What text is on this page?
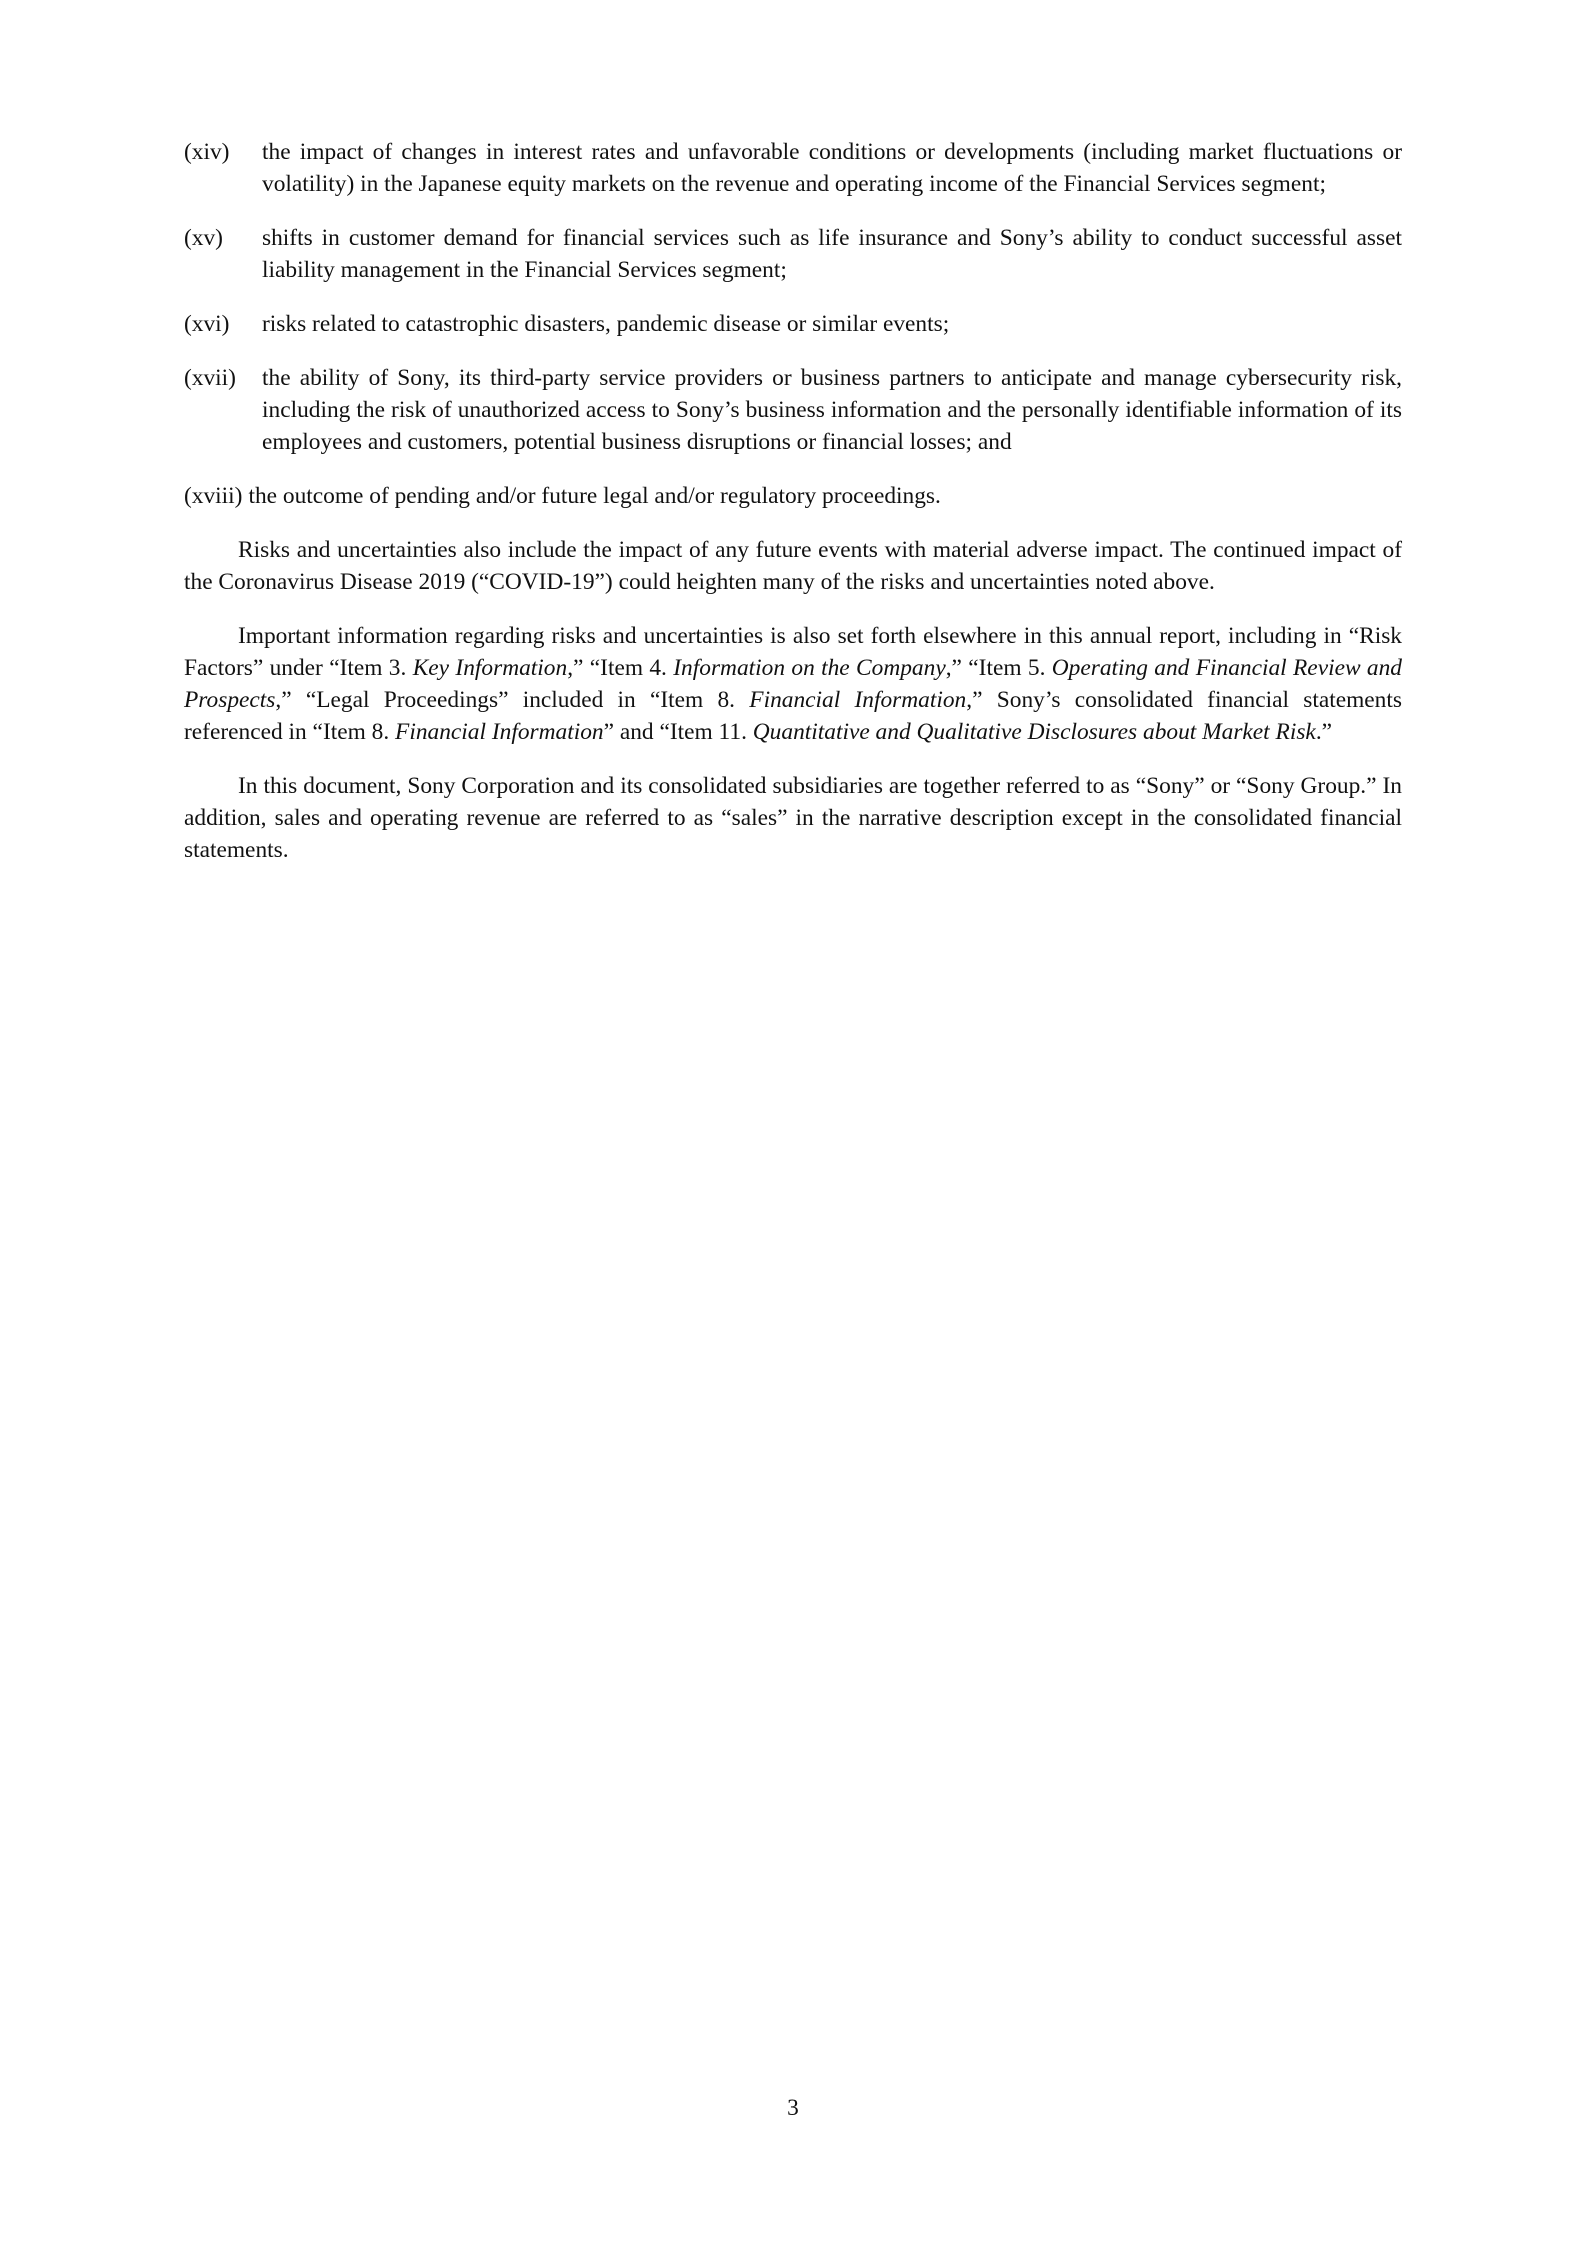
(xiv)	the impact of changes in interest rates and unfavorable conditions or developments (including market fluctuations or volatility) in the Japanese equity markets on the revenue and operating income of the Financial Services segment;
(xv)	shifts in customer demand for financial services such as life insurance and Sony’s ability to conduct successful asset liability management in the Financial Services segment;
(xvi)	risks related to catastrophic disasters, pandemic disease or similar events;
(xvii)	the ability of Sony, its third-party service providers or business partners to anticipate and manage cybersecurity risk, including the risk of unauthorized access to Sony’s business information and the personally identifiable information of its employees and customers, potential business disruptions or financial losses; and
(xviii) the outcome of pending and/or future legal and/or regulatory proceedings.

Risks and uncertainties also include the impact of any future events with material adverse impact. The continued impact of the Coronavirus Disease 2019 (“COVID-19”) could heighten many of the risks and uncertainties noted above.

Important information regarding risks and uncertainties is also set forth elsewhere in this annual report, including in “Risk Factors” under “Item 3. Key Information,” “Item 4. Information on the Company,” “Item 5. Operating and Financial Review and Prospects,” “Legal Proceedings” included in “Item 8. Financial Information,” Sony’s consolidated financial statements referenced in “Item 8. Financial Information” and “Item 11. Quantitative and Qualitative Disclosures about Market Risk.”

In this document, Sony Corporation and its consolidated subsidiaries are together referred to as “Sony” or “Sony Group.” In addition, sales and operating revenue are referred to as “sales” in the narrative description except in the consolidated financial statements.

3
